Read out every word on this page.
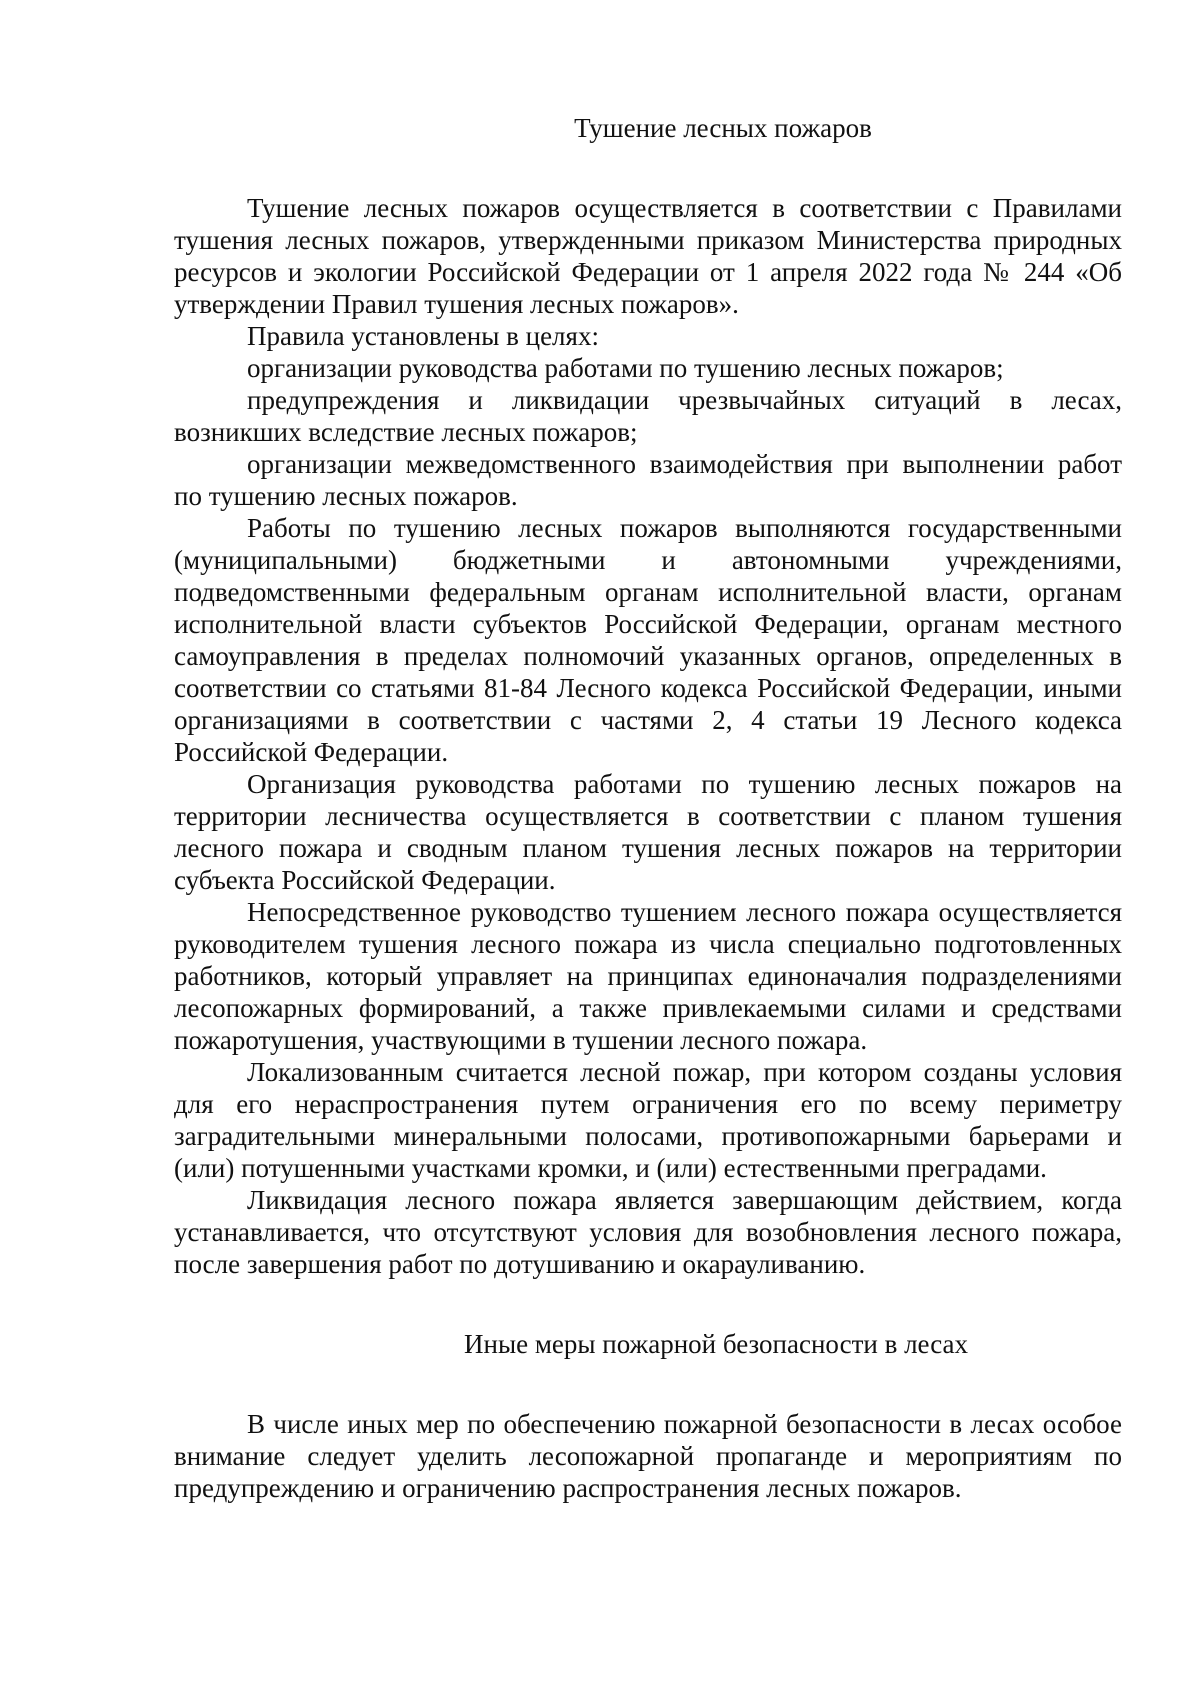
Тушение лесных пожаров

Тушение лесных пожаров осуществляется в соответствии с Правилами тушения лесных пожаров, утвержденными приказом Министерства природных ресурсов и экологии Российской Федерации от 1 апреля 2022 года № 244 «Об утверждении Правил тушения лесных пожаров».

Правила установлены в целях:

организации руководства работами по тушению лесных пожаров;

предупреждения и ликвидации чрезвычайных ситуаций в лесах, возникших вследствие лесных пожаров;

организации межведомственного взаимодействия при выполнении работ по тушению лесных пожаров.

Работы по тушению лесных пожаров выполняются государственными (муниципальными) бюджетными и автономными учреждениями, подведомственными федеральным органам исполнительной власти, органам исполнительной власти субъектов Российской Федерации, органам местного самоуправления в пределах полномочий указанных органов, определенных в соответствии со статьями 81-84 Лесного кодекса Российской Федерации, иными организациями в соответствии с частями 2, 4 статьи 19 Лесного кодекса Российской Федерации.

Организация руководства работами по тушению лесных пожаров на территории лесничества осуществляется в соответствии с планом тушения лесного пожара и сводным планом тушения лесных пожаров на территории субъекта Российской Федерации.

Непосредственное руководство тушением лесного пожара осуществляется руководителем тушения лесного пожара из числа специально подготовленных работников, который управляет на принципах единоначалия подразделениями лесопожарных формирований, а также привлекаемыми силами и средствами пожаротушения, участвующими в тушении лесного пожара.

Локализованным считается лесной пожар, при котором созданы условия для его нераспространения путем ограничения его по всему периметру заградительными минеральными полосами, противопожарными барьерами и (или) потушенными участками кромки, и (или) естественными преградами.

Ликвидация лесного пожара является завершающим действием, когда устанавливается, что отсутствуют условия для возобновления лесного пожара, после завершения работ по дотушиванию и окарауливанию.

Иные меры пожарной безопасности в лесах

В числе иных мер по обеспечению пожарной безопасности в лесах особое внимание следует уделить лесопожарной пропаганде и мероприятиям по предупреждению и ограничению распространения лесных пожаров.
